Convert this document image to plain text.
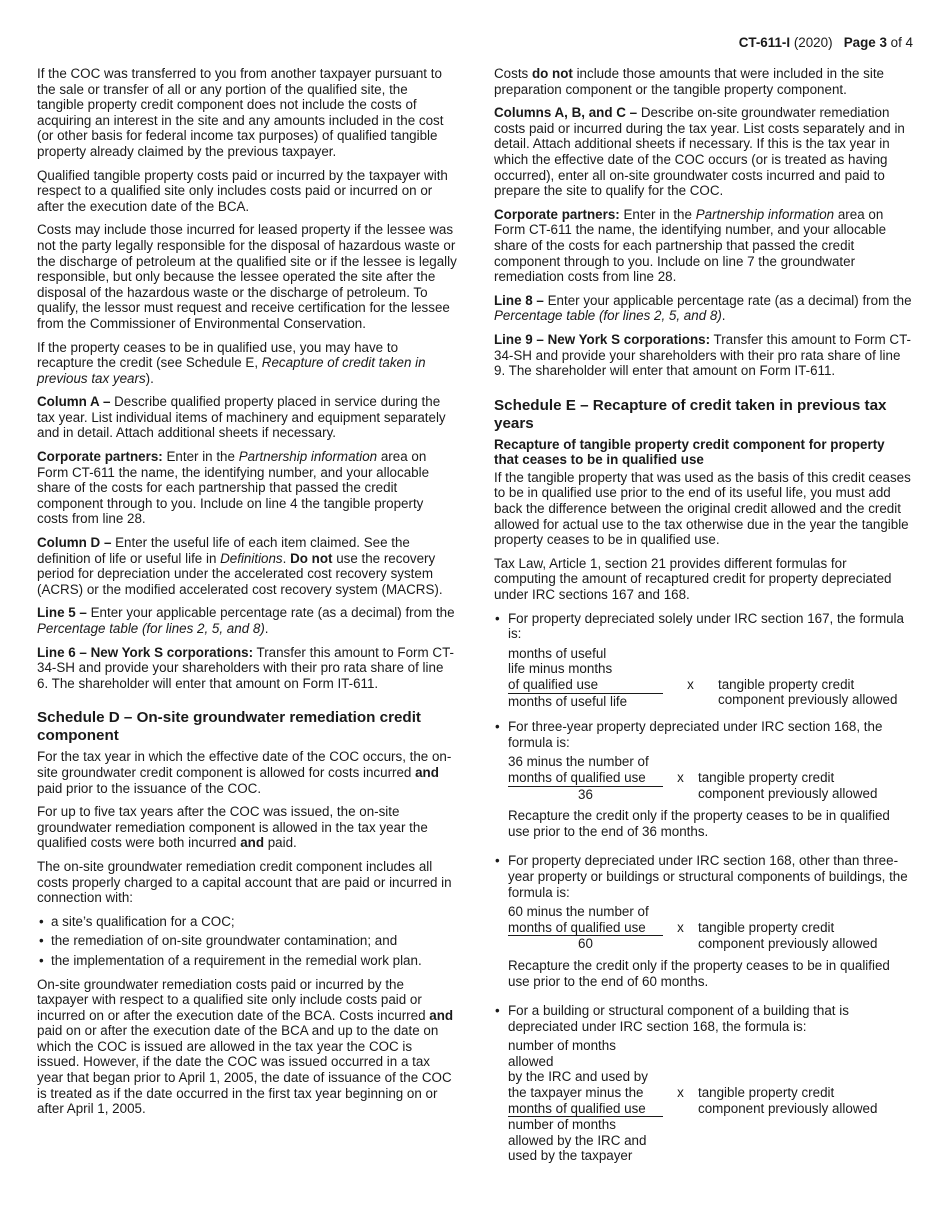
CT-611-I (2020) Page 3 of 4

If the COC was transferred to you from another taxpayer pursuant to the sale or transfer of all or any portion of the qualified site, the tangible property credit component does not include the costs of acquiring an interest in the site and any amounts included in the cost (or other basis for federal income tax purposes) of qualified tangible property already claimed by the previous taxpayer.

Qualified tangible property costs paid or incurred by the taxpayer with respect to a qualified site only includes costs paid or incurred on or after the execution date of the BCA.

Costs may include those incurred for leased property if the lessee was not the party legally responsible for the disposal of hazardous waste or the discharge of petroleum at the qualified site or if the lessee is legally responsible, but only because the lessee operated the site after the disposal of the hazardous waste or the discharge of petroleum. To qualify, the lessor must request and receive certification for the lessee from the Commissioner of Environmental Conservation.

If the property ceases to be in qualified use, you may have to recapture the credit (see Schedule E, Recapture of credit taken in previous tax years).

Column A – Describe qualified property placed in service during the tax year. List individual items of machinery and equipment separately and in detail. Attach additional sheets if necessary.

Corporate partners: Enter in the Partnership information area on Form CT-611 the name, the identifying number, and your allocable share of the costs for each partnership that passed the credit component through to you. Include on line 4 the tangible property costs from line 28.

Column D – Enter the useful life of each item claimed. See the definition of life or useful life in Definitions. Do not use the recovery period for depreciation under the accelerated cost recovery system (ACRS) or the modified accelerated cost recovery system (MACRS).

Line 5 – Enter your applicable percentage rate (as a decimal) from the Percentage table (for lines 2, 5, and 8).

Line 6 – New York S corporations: Transfer this amount to Form CT-34-SH and provide your shareholders with their pro rata share of line 6. The shareholder will enter that amount on Form IT-611.

Schedule D – On-site groundwater remediation credit component

For the tax year in which the effective date of the COC occurs, the on-site groundwater credit component is allowed for costs incurred and paid prior to the issuance of the COC.

For up to five tax years after the COC was issued, the on-site groundwater remediation component is allowed in the tax year the qualified costs were both incurred and paid.

The on-site groundwater remediation credit component includes all costs properly charged to a capital account that are paid or incurred in connection with:

• a site’s qualification for a COC;
• the remediation of on-site groundwater contamination; and
• the implementation of a requirement in the remedial work plan.

On-site groundwater remediation costs paid or incurred by the taxpayer with respect to a qualified site only include costs paid or incurred on or after the execution date of the BCA. Costs incurred and paid on or after the execution date of the BCA and up to the date on which the COC is issued are allowed in the tax year the COC is issued. However, if the date the COC was issued occurred in a tax year that began prior to April 1, 2005, the date of issuance of the COC is treated as if the date occurred in the first tax year beginning on or after April 1, 2005.

Costs do not include those amounts that were included in the site preparation component or the tangible property component.

Columns A, B, and C – Describe on-site groundwater remediation costs paid or incurred during the tax year. List costs separately and in detail. Attach additional sheets if necessary. If this is the tax year in which the effective date of the COC occurs (or is treated as having occurred), enter all on-site groundwater costs incurred and paid to prepare the site to qualify for the COC.

Corporate partners: Enter in the Partnership information area on Form CT-611 the name, the identifying number, and your allocable share of the costs for each partnership that passed the credit component through to you. Include on line 7 the groundwater remediation costs from line 28.

Line 8 – Enter your applicable percentage rate (as a decimal) from the Percentage table (for lines 2, 5, and 8).

Line 9 – New York S corporations: Transfer this amount to Form CT-34-SH and provide your shareholders with their pro rata share of line 9. The shareholder will enter that amount on Form IT-611.

Schedule E – Recapture of credit taken in previous tax years
Recapture of tangible property credit component for property that ceases to be in qualified use

If the tangible property that was used as the basis of this credit ceases to be in qualified use prior to the end of its useful life, you must add back the difference between the original credit allowed and the credit allowed for actual use to the tax otherwise due in the year the tangible property ceases to be in qualified use.

Tax Law, Article 1, section 21 provides different formulas for computing the amount of recaptured credit for property depreciated under IRC sections 167 and 168.

• For property depreciated solely under IRC section 167, the formula is:
months of useful
life minus months
of qualified use
months of useful life
x	tangible property credit
component previously allowed
• For three-year property depreciated under IRC section 168, the formula is:
36 minus the number of
months of qualified use
36	x	tangible property credit
component previously allowed
Recapture the credit only if the property ceases to be in qualified use prior to the end of 36 months.
• For property depreciated under IRC section 168, other than three-year property or buildings or structural components of buildings, the formula is:
60 minus the number of
months of qualified use
60	x	tangible property credit
component previously allowed
Recapture the credit only if the property ceases to be in qualified use prior to the end of 60 months.
• For a building or structural component of a building that is depreciated under IRC section 168, the formula is:
number of months allowed
by the IRC and used by
the taxpayer minus the
months of qualified use
number of months
allowed by the IRC and
used by the taxpayer
x	tangible property credit
component previously allowed
